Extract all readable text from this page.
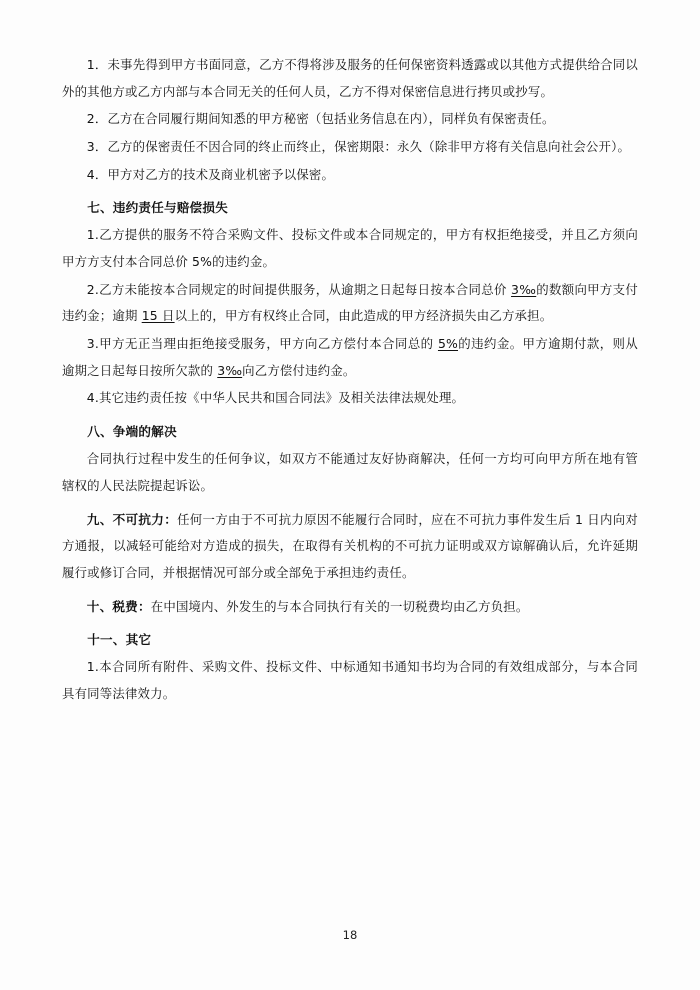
1．未事先得到甲方书面同意，乙方不得将涉及服务的任何保密资料透露或以其他方式提供给合同以外的其他方或乙方内部与本合同无关的任何人员，乙方不得对保密信息进行拷贝或抄写。

2．乙方在合同履行期间知悉的甲方秘密（包括业务信息在内），同样负有保密责任。

3．乙方的保密责任不因合同的终止而终止，保密期限：永久（除非甲方将有关信息向社会公开）。

4．甲方对乙方的技术及商业机密予以保密。

七、违约责任与赔偿损失

1.乙方提供的服务不符合采购文件、投标文件或本合同规定的，甲方有权拒绝接受，并且乙方须向甲方方支付本合同总价 5%的违约金。

2.乙方未能按本合同规定的时间提供服务，从逾期之日起每日按本合同总价 3‰的数额向甲方支付违约金；逾期 15 日以上的，甲方有权终止合同，由此造成的甲方经济损失由乙方承担。

3.甲方无正当理由拒绝接受服务，甲方向乙方偿付本合同总的 5%的违约金。甲方逾期付款，则从逾期之日起每日按所欠款的 3‰向乙方偿付违约金。

4.其它违约责任按《中华人民共和国合同法》及相关法律法规处理。

八、争端的解决

合同执行过程中发生的任何争议，如双方不能通过友好协商解决，任何一方均可向甲方所在地有管辖权的人民法院提起诉讼。

九、不可抗力：任何一方由于不可抗力原因不能履行合同时，应在不可抗力事件发生后 1 日内向对方通报，以减轻可能给对方造成的损失，在取得有关机构的不可抗力证明或双方谅解确认后，允许延期履行或修订合同，并根据情况可部分或全部免于承担违约责任。

十、税费：在中国境内、外发生的与本合同执行有关的一切税费均由乙方负担。

十一、其它

1.本合同所有附件、采购文件、投标文件、中标通知书通知书均为合同的有效组成部分，与本合同具有同等法律效力。

18
